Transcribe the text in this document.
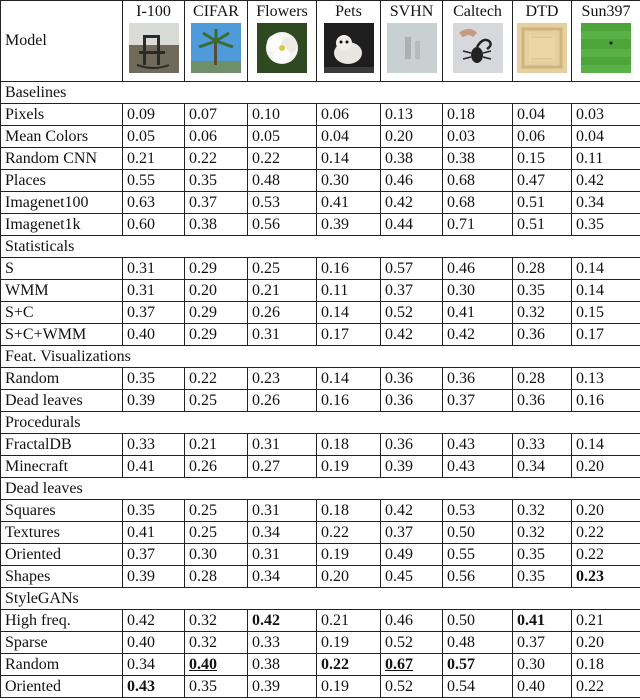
Model	I-100	CIFAR	Flowers	Pets	SVHN	Caltech	DTD	Sun397

Baselines								
Pixels	0.09	0.07	0.10	0.06	0.13	0.18	0.04	0.03
Mean Colors	0.05	0.06	0.05	0.04	0.20	0.03	0.06	0.04
Random CNN	0.21	0.22	0.22	0.14	0.38	0.38	0.15	0.11
Places	0.55	0.35	0.48	0.30	0.46	0.68	0.47	0.42
Imagenet100	0.63	0.37	0.53	0.41	0.42	0.68	0.51	0.34
Imagenet1k	0.60	0.38	0.56	0.39	0.44	0.71	0.51	0.35
Statisticals								
S	0.31	0.29	0.25	0.16	0.57	0.46	0.28	0.14
WMM	0.31	0.20	0.21	0.11	0.37	0.30	0.35	0.14
S+C	0.37	0.29	0.26	0.14	0.52	0.41	0.32	0.15
S+C+WMM	0.40	0.29	0.31	0.17	0.42	0.42	0.36	0.17
Feat. Visualizations								
Random	0.35	0.22	0.23	0.14	0.36	0.36	0.28	0.13
Dead leaves	0.39	0.25	0.26	0.16	0.36	0.37	0.36	0.16
Procedurals								
FractalDB	0.33	0.21	0.31	0.18	0.36	0.43	0.33	0.14
Minecraft	0.41	0.26	0.27	0.19	0.39	0.43	0.34	0.20
Dead leaves								
Squares	0.35	0.25	0.31	0.18	0.42	0.53	0.32	0.20
Textures	0.41	0.25	0.34	0.22	0.37	0.50	0.32	0.22
Oriented	0.37	0.30	0.31	0.19	0.49	0.55	0.35	0.22
Shapes	0.39	0.28	0.34	0.20	0.45	0.56	0.35	0.23
StyleGANs								
High freq.	0.42	0.32	0.42	0.21	0.46	0.50	0.41	0.21
Sparse	0.40	0.32	0.33	0.19	0.52	0.48	0.37	0.20
Random	0.34	0.40	0.38	0.22	0.67	0.57	0.30	0.18
Oriented	0.43	0.35	0.39	0.19	0.52	0.54	0.40	0.22
